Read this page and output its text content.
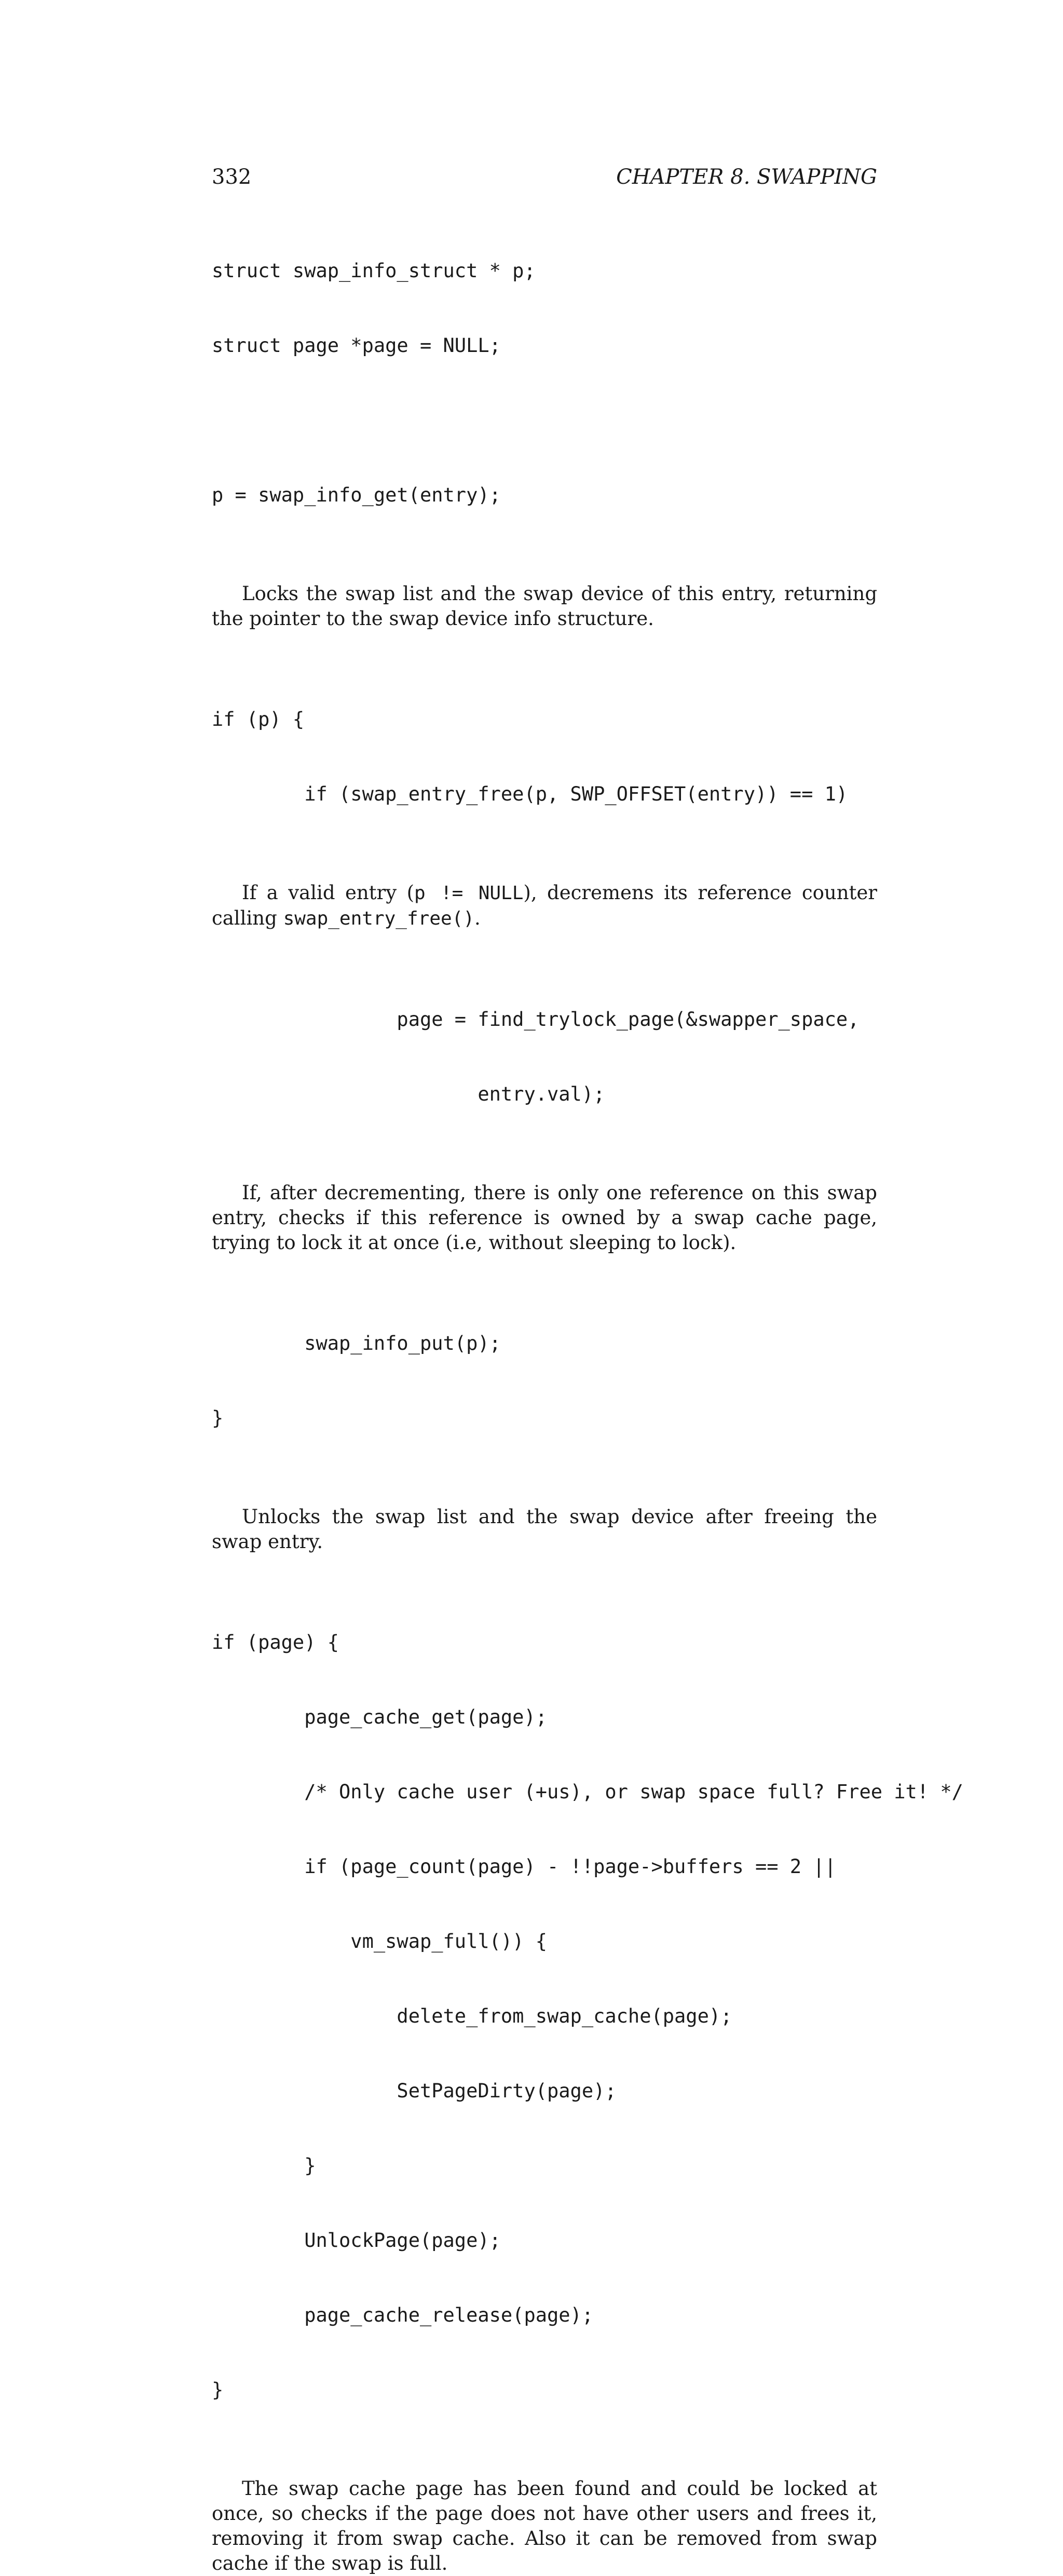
332	CHAPTER 8. SWAPPING

struct swap_info_struct * p;

struct page *page = NULL;

p = swap_info_get(entry);

Locks the swap list and the swap device of this entry, returning the pointer to the swap device info structure.

if (p) {

if (swap_entry_free(p, SWP_OFFSET(entry)) == 1)

If a valid entry (p != NULL), decremens its reference counter calling swap_entry_free().

page = find_trylock_page(&swapper_space,

entry.val);

If, after decrementing, there is only one reference on this swap entry, checks if this reference is owned by a swap cache page, trying to lock it at once (i.e, without sleeping to lock).

swap_info_put(p);

}

Unlocks the swap list and the swap device after freeing the swap entry.

if (page) {

page_cache_get(page);

/* Only cache user (+us), or swap space full? Free it! */

if (page_count(page) - !!page->buffers == 2 ||

vm_swap_full()) {

delete_from_swap_cache(page);

SetPageDirty(page);

}

UnlockPage(page);

page_cache_release(page);

}

The swap cache page has been found and could be locked at once, so checks if the page does not have other users and frees it, removing it from swap cache. Also it can be removed from swap cache if the swap is full.
